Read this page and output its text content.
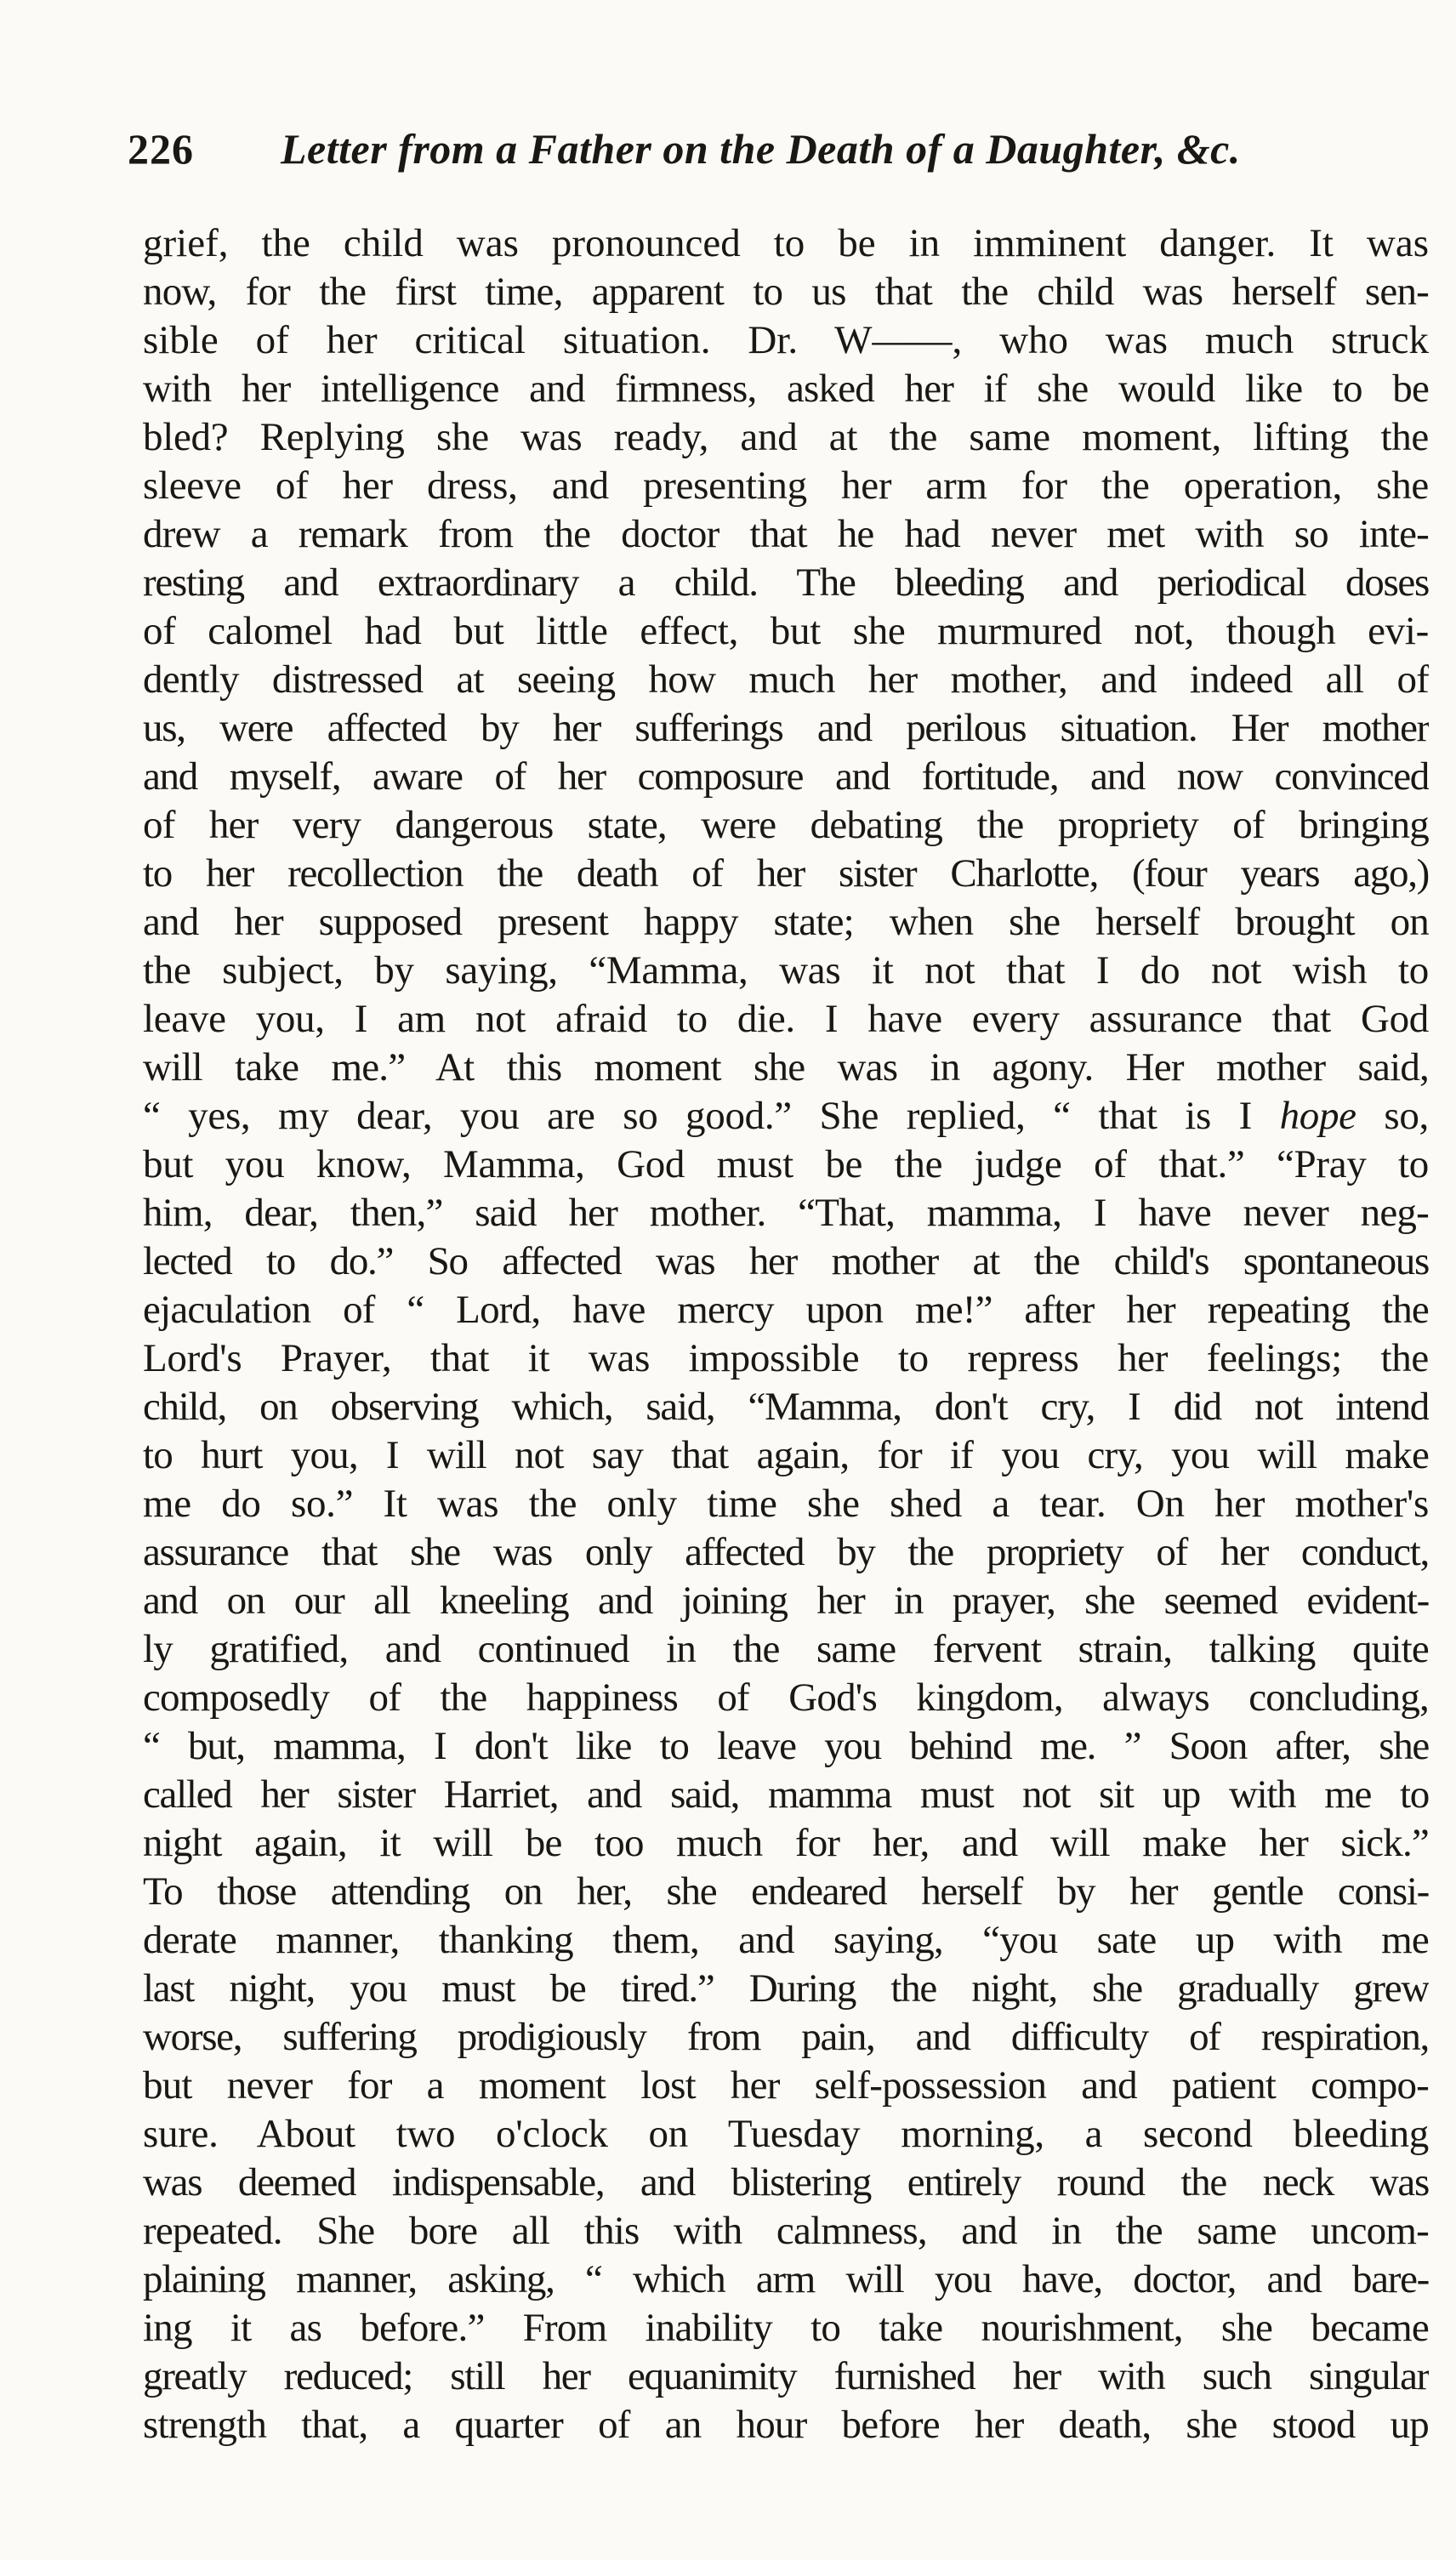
226 Letter from a Father on the Death of a Daughter, &c.
grief, the child was pronounced to be in imminent danger. It was
now, for the first time, apparent to us that the child was herself sen-
sible of her critical situation. Dr. W——, who was much struck
with her intelligence and firmness, asked her if she would like to be
bled? Replying she was ready, and at the same moment, lifting the
sleeve of her dress, and presenting her arm for the operation, she
drew a remark from the doctor that he had never met with so inte-
resting and extraordinary a child. The bleeding and periodical doses
of calomel had but little effect, but she murmured not, though evi-
dently distressed at seeing how much her mother, and indeed all of
us, were affected by her sufferings and perilous situation. Her mother
and myself, aware of her composure and fortitude, and now convinced
of her very dangerous state, were debating the propriety of bringing
to her recollection the death of her sister Charlotte, (four years ago,)
and her supposed present happy state; when she herself brought on
the subject, by saying, “Mamma, was it not that I do not wish to
leave you, I am not afraid to die. I have every assurance that God
will take me.” At this moment she was in agony. Her mother said,
“ yes, my dear, you are so good.” She replied, “ that is I hope so,
but you know, Mamma, God must be the judge of that.” “Pray to
him, dear, then,” said her mother. “That, mamma, I have never neg-
lected to do.” So affected was her mother at the child's spontaneous
ejaculation of “ Lord, have mercy upon me!” after her repeating the
Lord's Prayer, that it was impossible to repress her feelings; the
child, on observing which, said, “Mamma, don't cry, I did not intend
to hurt you, I will not say that again, for if you cry, you will make
me do so.” It was the only time she shed a tear. On her mother's
assurance that she was only affected by the propriety of her conduct,
and on our all kneeling and joining her in prayer, she seemed evident-
ly gratified, and continued in the same fervent strain, talking quite
composedly of the happiness of God's kingdom, always concluding,
“ but, mamma, I don't like to leave you behind me. ” Soon after, she
called her sister Harriet, and said, mamma must not sit up with me to
night again, it will be too much for her, and will make her sick.”
To those attending on her, she endeared herself by her gentle consi-
derate manner, thanking them, and saying, “you sate up with me
last night, you must be tired.” During the night, she gradually grew
worse, suffering prodigiously from pain, and difficulty of respiration,
but never for a moment lost her self-possession and patient compo-
sure. About two o'clock on Tuesday morning, a second bleeding
was deemed indispensable, and blistering entirely round the neck was
repeated. She bore all this with calmness, and in the same uncom-
plaining manner, asking, “ which arm will you have, doctor, and bare-
ing it as before.” From inability to take nourishment, she became
greatly reduced; still her equanimity furnished her with such singular
strength that, a quarter of an hour before her death, she stood up
